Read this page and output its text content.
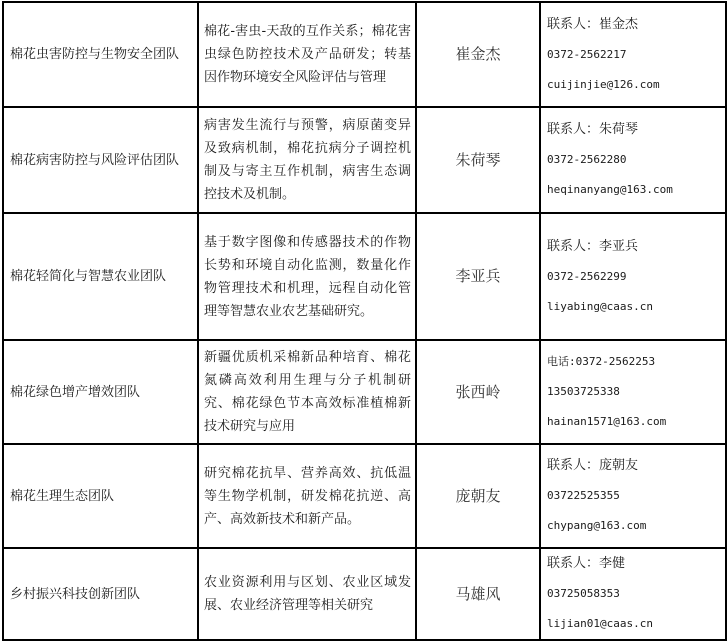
棉花虫害防控与生物安全团队	棉花-害虫-天敌的互作关系；棉花害虫绿色防控技术及产品研发；转基因作物环境安全风险评估与管理	崔金杰	联系人：崔金杰
0372-2562217
cuijinjie@126.com

棉花病害防控与风险评估团队	病害发生流行与预警，病原菌变异及致病机制，棉花抗病分子调控机制及与寄主互作机制，病害生态调控技术及机制。	朱荷琴	联系人：朱荷琴
0372-2562280
heqinanyang@163.com

棉花轻简化与智慧农业团队	基于数字图像和传感器技术的作物长势和环境自动化监测，数量化作物管理技术和机理，远程自动化管理等智慧农业农艺基础研究。	李亚兵	联系人：李亚兵
0372-2562299
liyabing@caas.cn

棉花绿色增产增效团队	新疆优质机采棉新品种培育、棉花氮磷高效利用生理与分子机制研究、棉花绿色节本高效标准植棉新技术研究与应用	张西岭	电话:0372-2562253
13503725338
hainan1571@163.com

棉花生理生态团队	研究棉花抗旱、营养高效、抗低温等生物学机制，研发棉花抗逆、高产、高效新技术和新产品。	庞朝友	联系人：庞朝友
03722525355
chypang@163.com

乡村振兴科技创新团队	农业资源利用与区划、农业区域发展、农业经济管理等相关研究	马雄风	联系人：李健
03725058353
lijian01@caas.cn
